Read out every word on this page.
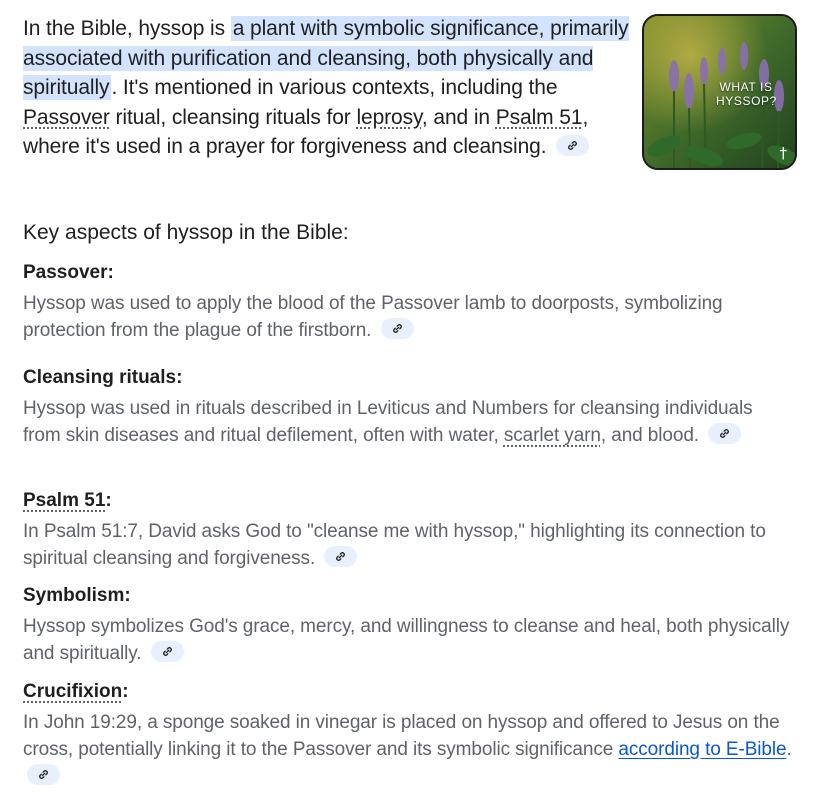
In the Bible, hyssop is a plant with symbolic significance, primarily associated with purification and cleansing, both physically and spiritually. It's mentioned in various contexts, including the Passover ritual, cleansing rituals for leprosy, and in Psalm 51, where it's used in a prayer for forgiveness and cleansing.
WHAT IS HYSSOP?
†
Key aspects of hyssop in the Bible:
Passover:
Hyssop was used to apply the blood of the Passover lamb to doorposts, symbolizing protection from the plague of the firstborn.
Cleansing rituals:
Hyssop was used in rituals described in Leviticus and Numbers for cleansing individuals from skin diseases and ritual defilement, often with water, scarlet yarn, and blood.
Psalm 51:
In Psalm 51:7, David asks God to "cleanse me with hyssop," highlighting its connection to spiritual cleansing and forgiveness.
Symbolism:
Hyssop symbolizes God's grace, mercy, and willingness to cleanse and heal, both physically and spiritually.
Crucifixion:
In John 19:29, a sponge soaked in vinegar is placed on hyssop and offered to Jesus on the cross, potentially linking it to the Passover and its symbolic significance according to E-Bible.
